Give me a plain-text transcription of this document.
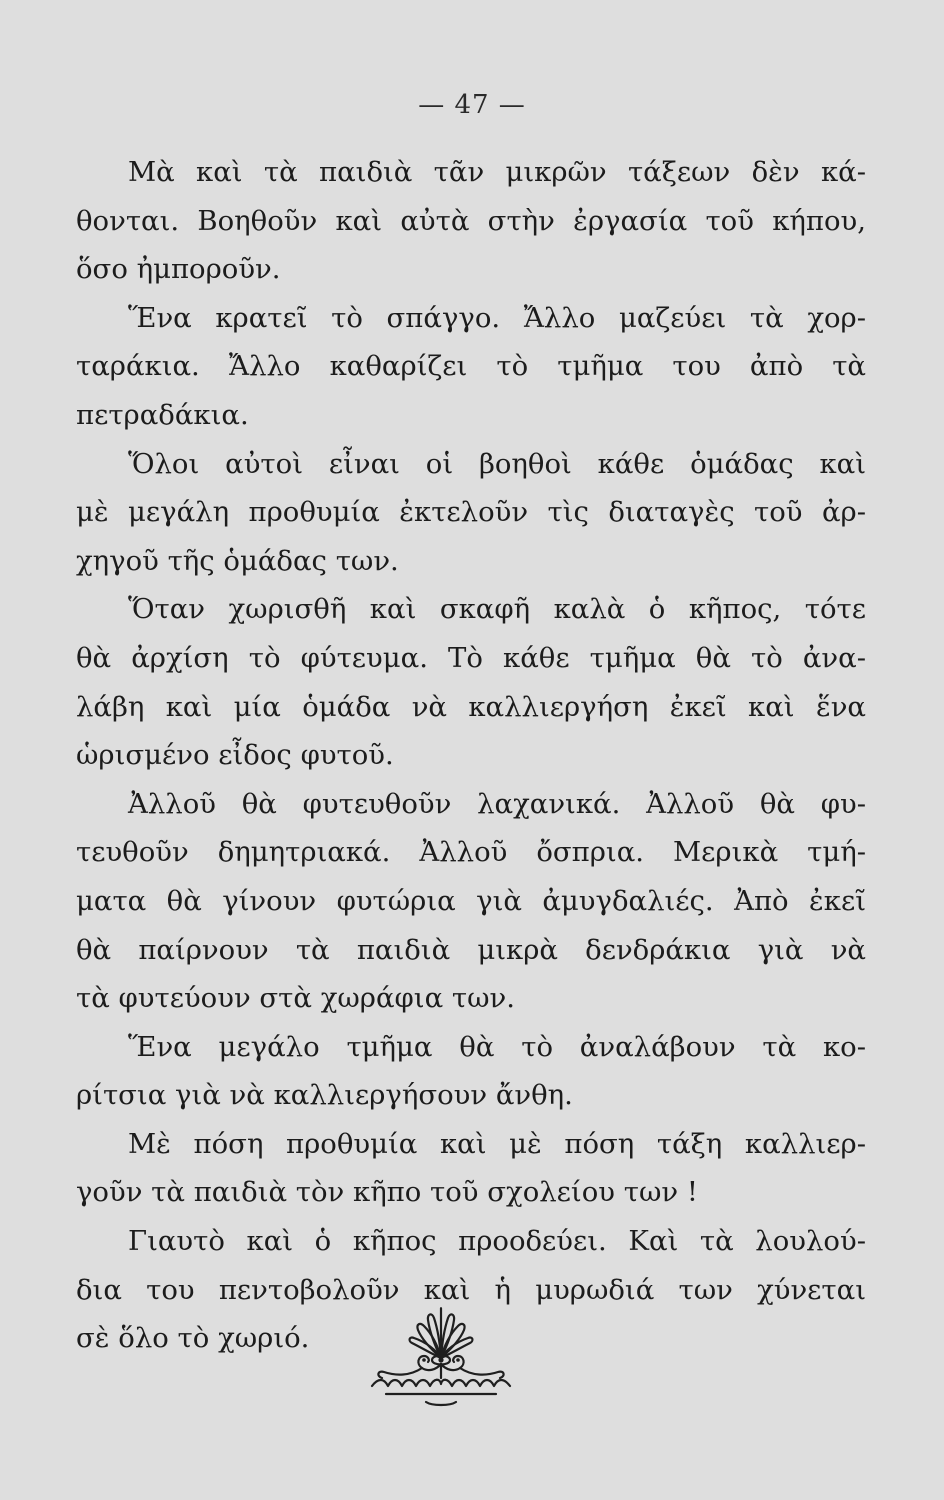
— 47 —
Μὰ καὶ τὰ παιδιὰ τᾶν μικρῶν τάξεων δὲν κά-
θονται. Βοηθοῦν καὶ αὐτὰ στὴν ἐργασία τοῦ κήπου,
ὅσο ἠμποροῦν.
Ἕνα κρατεῖ τὸ σπάγγο. Ἄλλο μαζεύει τὰ χορ-
ταράκια. Ἄλλο καθαρίζει τὸ τμῆμα του ἀπὸ τὰ
πετραδάκια.
Ὅλοι αὐτοὶ εἶναι οἱ βοηθοὶ κάθε ὁμάδας καὶ
μὲ μεγάλη προθυμία ἐκτελοῦν τὶς διαταγὲς τοῦ ἀρ-
χηγοῦ τῆς ὁμάδας των.
Ὅταν χωρισθῆ καὶ σκαφῆ καλὰ ὁ κῆπος, τότε
θὰ ἀρχίση τὸ φύτευμα. Τὸ κάθε τμῆμα θὰ τὸ ἀνα-
λάβη καὶ μία ὁμάδα νὰ καλλιεργήση ἐκεῖ καὶ ἕνα
ὡρισμένο εἶδος φυτοῦ.
Ἀλλοῦ θὰ φυτευθοῦν λαχανικά. Ἀλλοῦ θὰ φυ-
τευθοῦν δημητριακά. Ἀλλοῦ ὄσπρια. Μερικὰ τμή-
ματα θὰ γίνουν φυτώρια γιὰ ἀμυγδαλιές. Ἀπὸ ἐκεῖ
θὰ παίρνουν τὰ παιδιὰ μικρὰ δενδράκια γιὰ νὰ
τὰ φυτεύουν στὰ χωράφια των.
Ἕνα μεγάλο τμῆμα θὰ τὸ ἀναλάβουν τὰ κο-
ρίτσια γιὰ νὰ καλλιεργήσουν ἄνθη.
Μὲ πόση προθυμία καὶ μὲ πόση τάξη καλλιερ-
γοῦν τὰ παιδιὰ τὸν κῆπο τοῦ σχολείου των !
Γιαυτὸ καὶ ὁ κῆπος προοδεύει. Καὶ τὰ λουλού-
δια του πεντοβολοῦν καὶ ἡ μυρωδιά των χύνεται
σὲ ὅλο τὸ χωριό.
